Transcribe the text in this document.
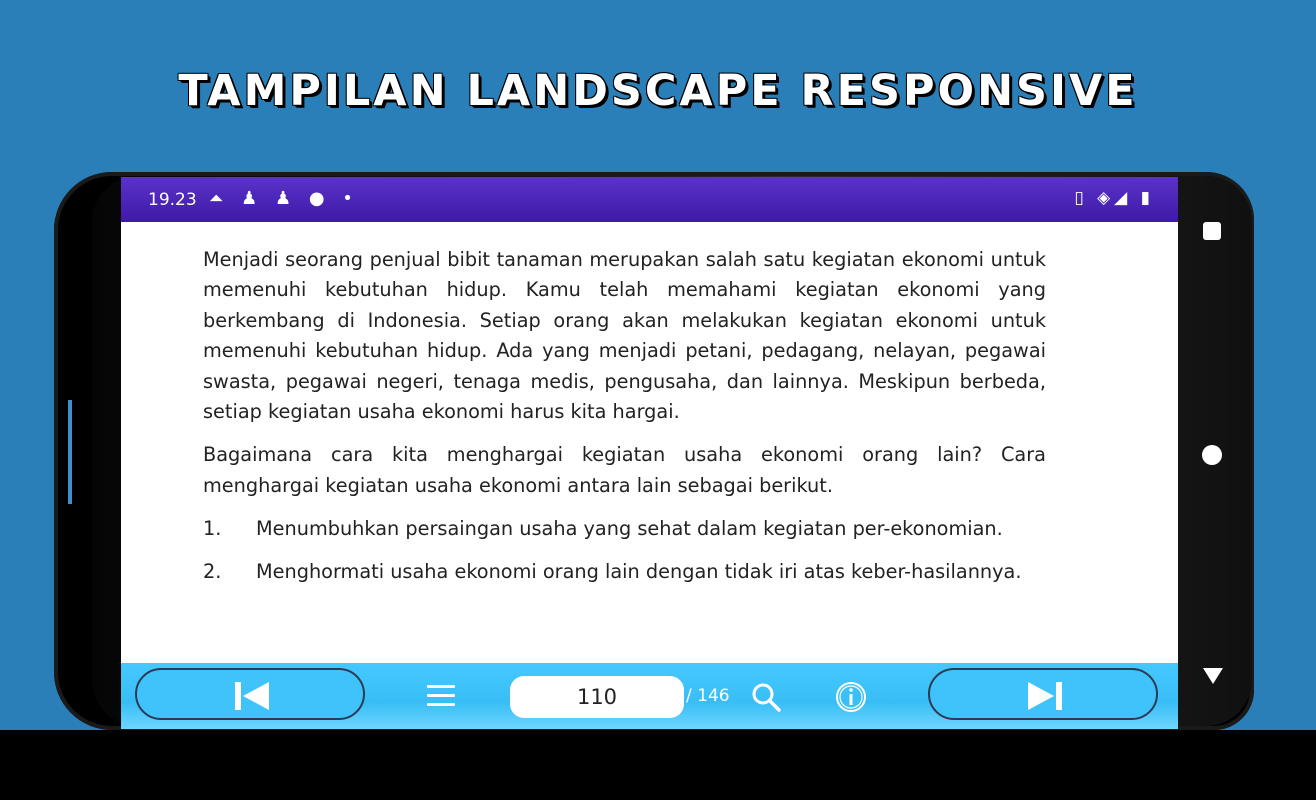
TAMPILAN LANDSCAPE RESPONSIVE
19.23 ⏶ ♟ ♟ ● •	▯ ◈◢ ▮

Menjadi seorang penjual bibit tanaman merupakan salah satu kegiatan ekonomi untuk memenuhi kebutuhan hidup. Kamu telah memahami kegiatan ekonomi yang berkembang di Indonesia. Setiap orang akan melakukan kegiatan ekonomi untuk memenuhi kebutuhan hidup. Ada yang menjadi petani, pedagang, nelayan, pegawai swasta, pegawai negeri, tenaga medis, pengusaha, dan lainnya. Meskipun berbeda, setiap kegiatan usaha ekonomi harus kita hargai.

Bagaimana cara kita menghargai kegiatan usaha ekonomi orang lain? Cara menghargai kegiatan usaha ekonomi antara lain sebagai berikut.

1. Menumbuhkan persaingan usaha yang sehat dalam kegiatan per-ekonomian.
2. Menghormati usaha ekonomi orang lain dengan tidak iri atas keber-hasilannya.
110
/ 146
